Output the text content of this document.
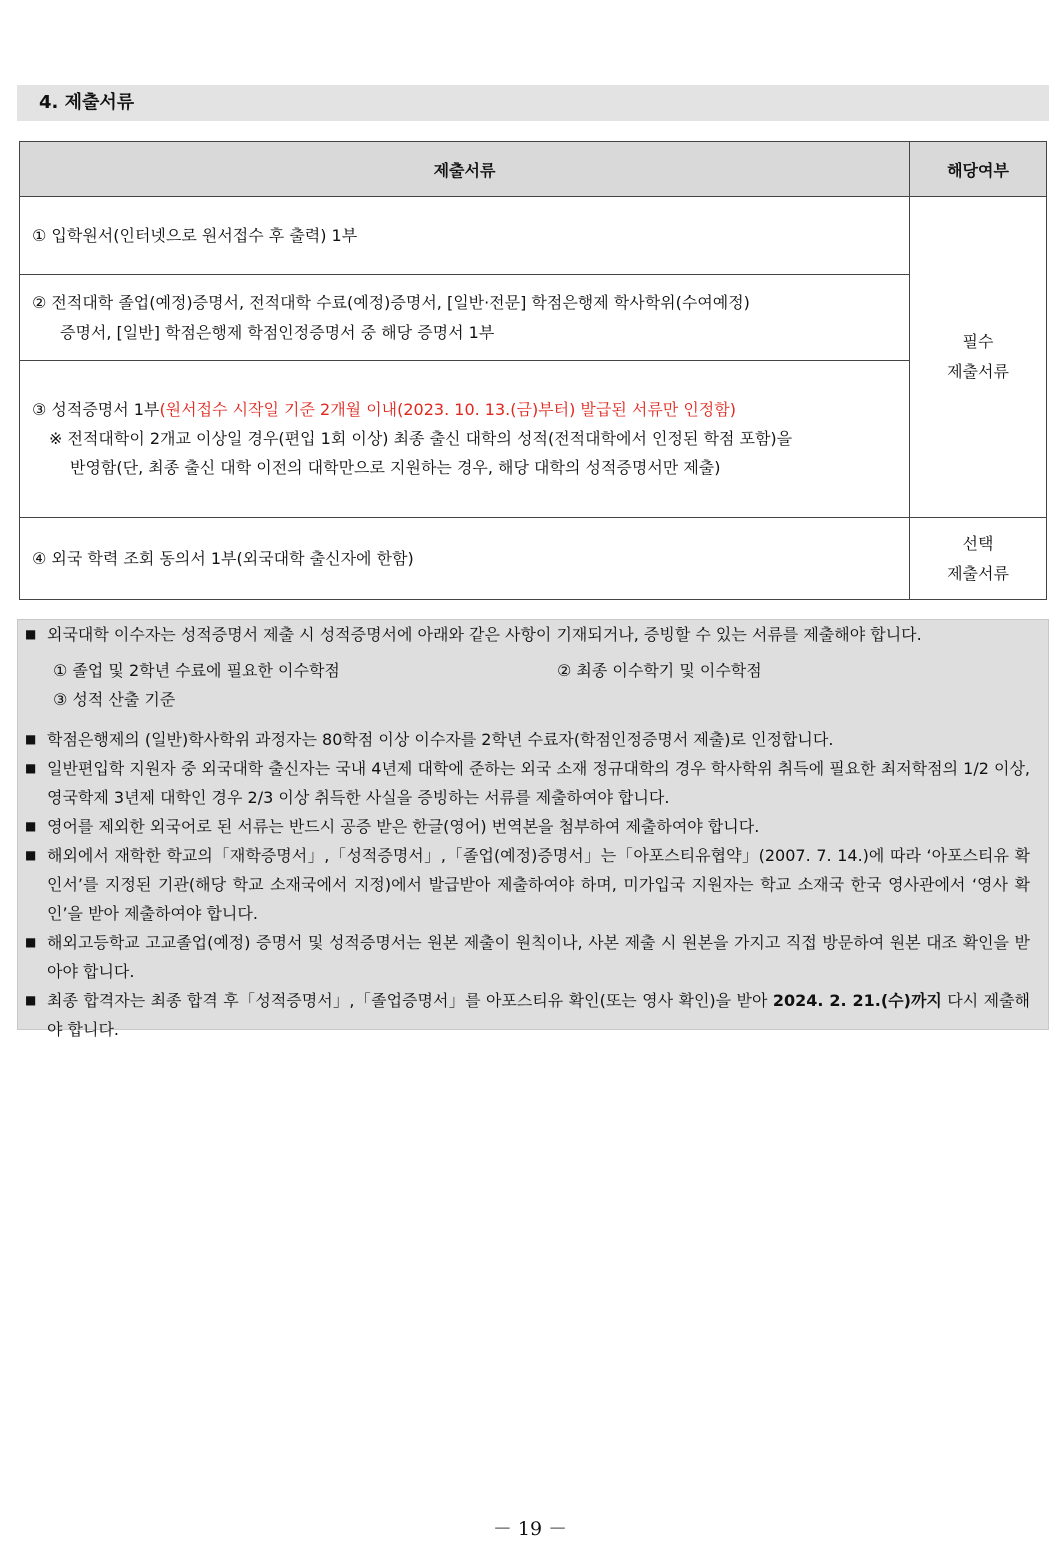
4. 제출서류
제출서류	해당여부

① 입학원서(인터넷으로 원서접수 후 출력) 1부	필수
제출서류

② 전적대학 졸업(예정)증명서, 전적대학 수료(예정)증명서, [일반·전문] 학점은행제 학사학위(수여예정)
증명서, [일반] 학점은행제 학점인정증명서 중 해당 증명서 1부	

③ 성적증명서 1부(원서접수 시작일 기준 2개월 이내(2023. 10. 13.(금)부터) 발급된 서류만 인정함)
※ 전적대학이 2개교 이상일 경우(편입 1회 이상) 최종 출신 대학의 성적(전적대학에서 인정된 학점 포함)을
반영함(단, 최종 출신 대학 이전의 대학만으로 지원하는 경우, 해당 대학의 성적증명서만 제출)	

④ 외국 학력 조회 동의서 1부(외국대학 출신자에 한함)	선택
제출서류
■ 외국대학 이수자는 성적증명서 제출 시 성적증명서에 아래와 같은 사항이 기재되거나, 증빙할 수 있는 서류를 제출해야 합니다.
① 졸업 및 2학년 수료에 필요한 이수학점	② 최종 이수학기 및 이수학점
③ 성적 산출 기준
■ 학점은행제의 (일반)학사학위 과정자는 80학점 이상 이수자를 2학년 수료자(학점인정증명서 제출)로 인정합니다.
■ 일반편입학 지원자 중 외국대학 출신자는 국내 4년제 대학에 준하는 외국 소재 정규대학의 경우 학사학위 취득에 필요한 최저학점의 1/2 이상, 영국학제 3년제 대학인 경우 2/3 이상 취득한 사실을 증빙하는 서류를 제출하여야 합니다.
■ 영어를 제외한 외국어로 된 서류는 반드시 공증 받은 한글(영어) 번역본을 첨부하여 제출하여야 합니다.
■ 해외에서 재학한 학교의「재학증명서」,「성적증명서」,「졸업(예정)증명서」는「아포스티유협약」(2007. 7. 14.)에 따라 ‘아포스티유 확인서’를 지정된 기관(해당 학교 소재국에서 지정)에서 발급받아 제출하여야 하며, 미가입국 지원자는 학교 소재국 한국 영사관에서 ‘영사 확인’을 받아 제출하여야 합니다.
■ 해외고등학교 고교졸업(예정) 증명서 및 성적증명서는 원본 제출이 원칙이나, 사본 제출 시 원본을 가지고 직접 방문하여 원본 대조 확인을 받아야 합니다.
■ 최종 합격자는 최종 합격 후「성적증명서」,「졸업증명서」를 아포스티유 확인(또는 영사 확인)을 받아 2024. 2. 21.(수)까지 다시 제출해야 합니다.
－ 19 －
